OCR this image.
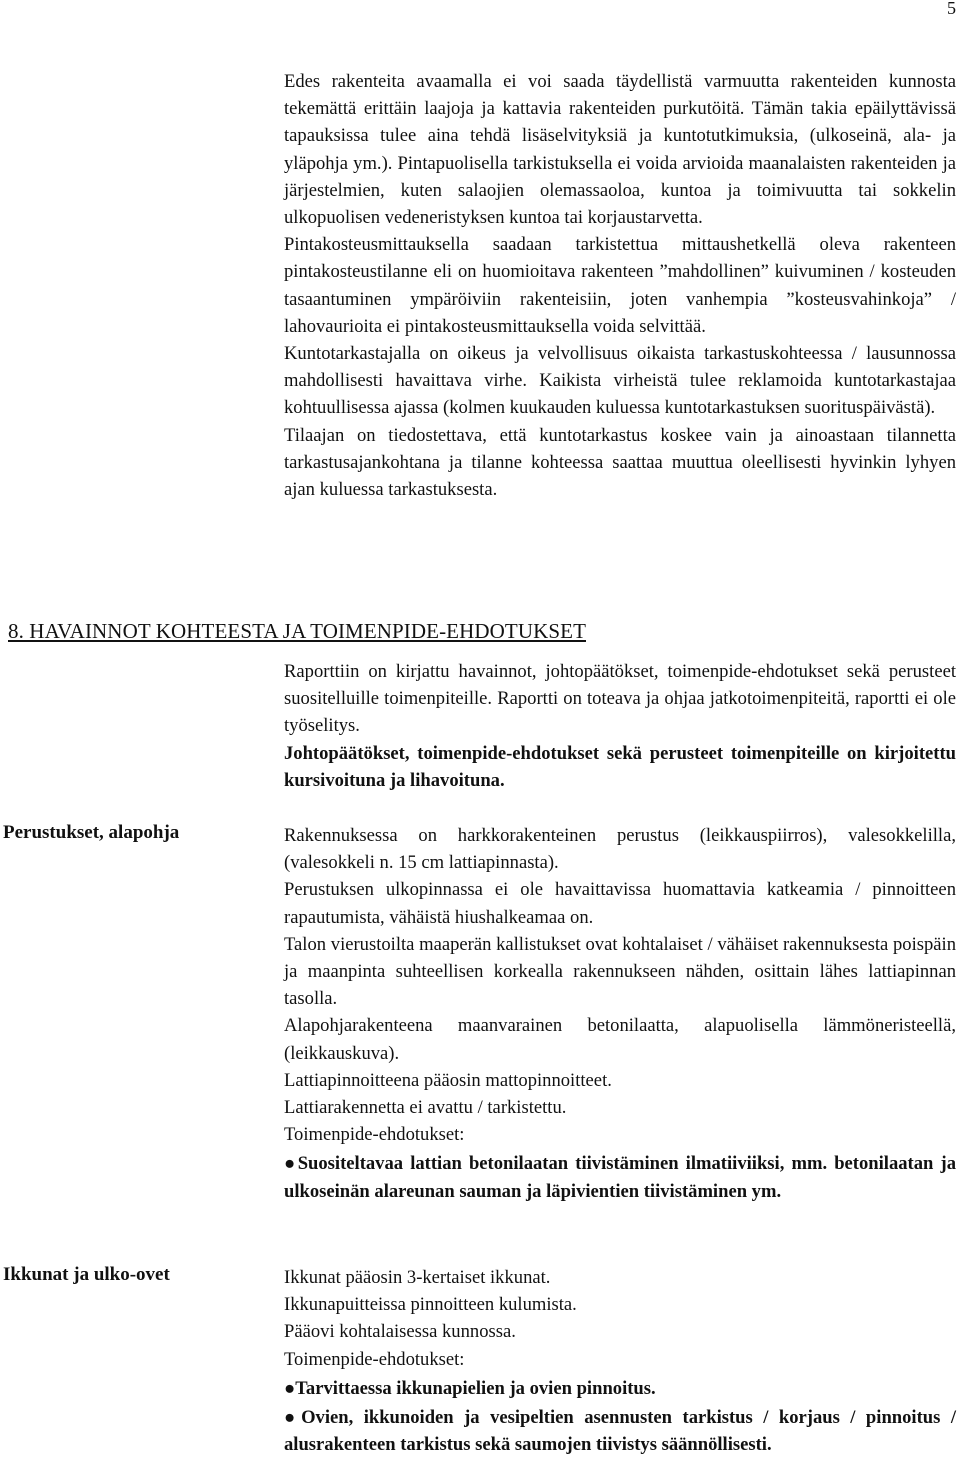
5

Edes rakenteita avaamalla ei voi saada täydellistä varmuutta rakenteiden kunnosta tekemättä erittäin laajoja ja kattavia rakenteiden purkutöitä. Tämän takia epäilyttävissä tapauksissa tulee aina tehdä lisäselvityksiä ja kuntotutkimuksia, (ulkoseinä, ala- ja yläpohja ym.). Pintapuolisella tarkistuksella ei voida arvioida maanalaisten rakenteiden ja järjestelmien, kuten salaojien olemassaoloa, kuntoa ja toimivuutta tai sokkelin ulkopuolisen vedeneristyksen kuntoa tai korjaustarvetta.

Pintakosteusmittauksella saadaan tarkistettua mittaushetkellä oleva rakenteen pintakosteustilanne eli on huomioitava rakenteen ”mahdollinen” kuivuminen / kosteuden tasaantuminen ympäröiviin rakenteisiin, joten vanhempia ”kosteusvahinkoja” / lahovaurioita ei pintakosteusmittauksella voida selvittää.

Kuntotarkastajalla on oikeus ja velvollisuus oikaista tarkastuskohteessa / lausunnossa mahdollisesti havaittava virhe. Kaikista virheistä tulee reklamoida kuntotarkastajaa kohtuullisessa ajassa (kolmen kuukauden kuluessa kuntotarkastuksen suorituspäivästä).

Tilaajan on tiedostettava, että kuntotarkastus koskee vain ja ainoastaan tilannetta tarkastusajankohtana ja tilanne kohteessa saattaa muuttua oleellisesti hyvinkin lyhyen ajan kuluessa tarkastuksesta.

8. HAVAINNOT KOHTEESTA JA TOIMENPIDE-EHDOTUKSET

Raporttiin on kirjattu havainnot, johtopäätökset, toimenpide-ehdotukset sekä perusteet suositelluille toimenpiteille. Raportti on toteava ja ohjaa jatkotoimenpiteitä, raportti ei ole työselitys.

Johtopäätökset, toimenpide-ehdotukset sekä perusteet toimenpiteille on kirjoitettu kursivoituna ja lihavoituna.

Perustukset, alapohja	Rakennuksessa on harkkorakenteinen perustus (leikkauspiirros), valesokkelilla, (valesokkeli n. 15 cm lattiapinnasta).

Perustuksen ulkopinnassa ei ole havaittavissa huomattavia katkeamia / pinnoitteen rapautumista, vähäistä hiushalkeamaa on.

Talon vierustoilta maaperän kallistukset ovat kohtalaiset / vähäiset rakennuksesta poispäin ja maanpinta suhteellisen korkealla rakennukseen nähden, osittain lähes lattiapinnan tasolla.

Alapohjarakenteena maanvarainen betonilaatta, alapuolisella lämmöneristeellä, (leikkauskuva).

Lattiapinnoitteena pääosin mattopinnoitteet.

Lattiarakennetta ei avattu / tarkistettu.

Toimenpide-ehdotukset:

●Suositeltavaa lattian betonilaatan tiivistäminen ilmatiiviiksi, mm. betonilaatan ja ulkoseinän alareunan sauman ja läpivientien tiivistäminen ym.

Ikkunat ja ulko-ovet	Ikkunat pääosin 3-kertaiset ikkunat.

Ikkunapuitteissa pinnoitteen kulumista.

Pääovi kohtalaisessa kunnossa.

Toimenpide-ehdotukset:

●Tarvittaessa ikkunapielien ja ovien pinnoitus.

●Ovien, ikkunoiden ja vesipeltien asennusten tarkistus / korjaus / pinnoitus / alusrakenteen tarkistus sekä saumojen tiivistys säännöllisesti.
